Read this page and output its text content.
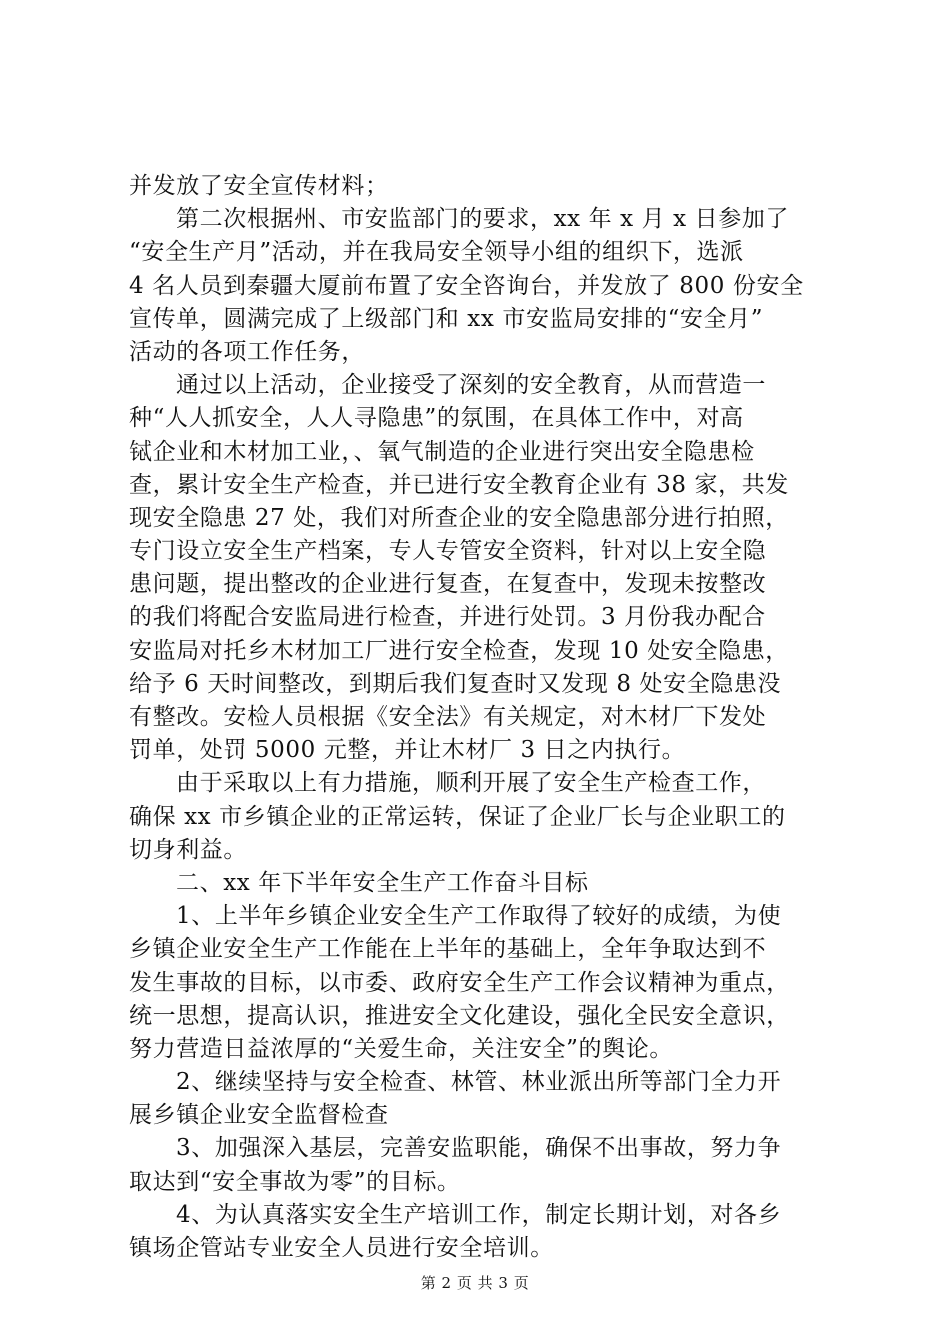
并发放了安全宣传材料；
第二次根据州、市安监部门的要求，xx 年 x 月 x 日参加了
“安全生产月”活动，并在我局安全领导小组的组织下，选派
4 名人员到秦疆大厦前布置了安全咨询台，并发放了 800 份安全
宣传单，圆满完成了上级部门和 xx 市安监局安排的“安全月”
活动的各项工作任务，
通过以上活动，企业接受了深刻的安全教育，从而营造一
种“人人抓安全，人人寻隐患”的氛围，在具体工作中，对高
铽企业和木材加工业，、氧气制造的企业进行突出安全隐患检
查，累计安全生产检查，并已进行安全教育企业有 38 家，共发
现安全隐患 27 处，我们对所查企业的安全隐患部分进行拍照，
专门设立安全生产档案，专人专管安全资料，针对以上安全隐
患问题，提出整改的企业进行复查，在复查中，发现未按整改
的我们将配合安监局进行检查，并进行处罚。3 月份我办配合
安监局对托乡木材加工厂进行安全检查，发现 10 处安全隐患，
给予 6 天时间整改，到期后我们复查时又发现 8 处安全隐患没
有整改。安检人员根据《安全法》有关规定，对木材厂下发处
罚单，处罚 5000 元整，并让木材厂 3 日之内执行。
由于采取以上有力措施，顺利开展了安全生产检查工作，
确保 xx 市乡镇企业的正常运转，保证了企业厂长与企业职工的
切身利益。
二、xx 年下半年安全生产工作奋斗目标
1、上半年乡镇企业安全生产工作取得了较好的成绩，为使
乡镇企业安全生产工作能在上半年的基础上，全年争取达到不
发生事故的目标，以市委、政府安全生产工作会议精神为重点，
统一思想，提高认识，推进安全文化建设，强化全民安全意识，
努力营造日益浓厚的“关爱生命，关注安全”的舆论。
2、继续坚持与安全检查、林管、林业派出所等部门全力开
展乡镇企业安全监督检查
3、加强深入基层，完善安监职能，确保不出事故，努力争
取达到“安全事故为零”的目标。
4、为认真落实安全生产培训工作，制定长期计划，对各乡
镇场企管站专业安全人员进行安全培训。
第 2 页 共 3 页
